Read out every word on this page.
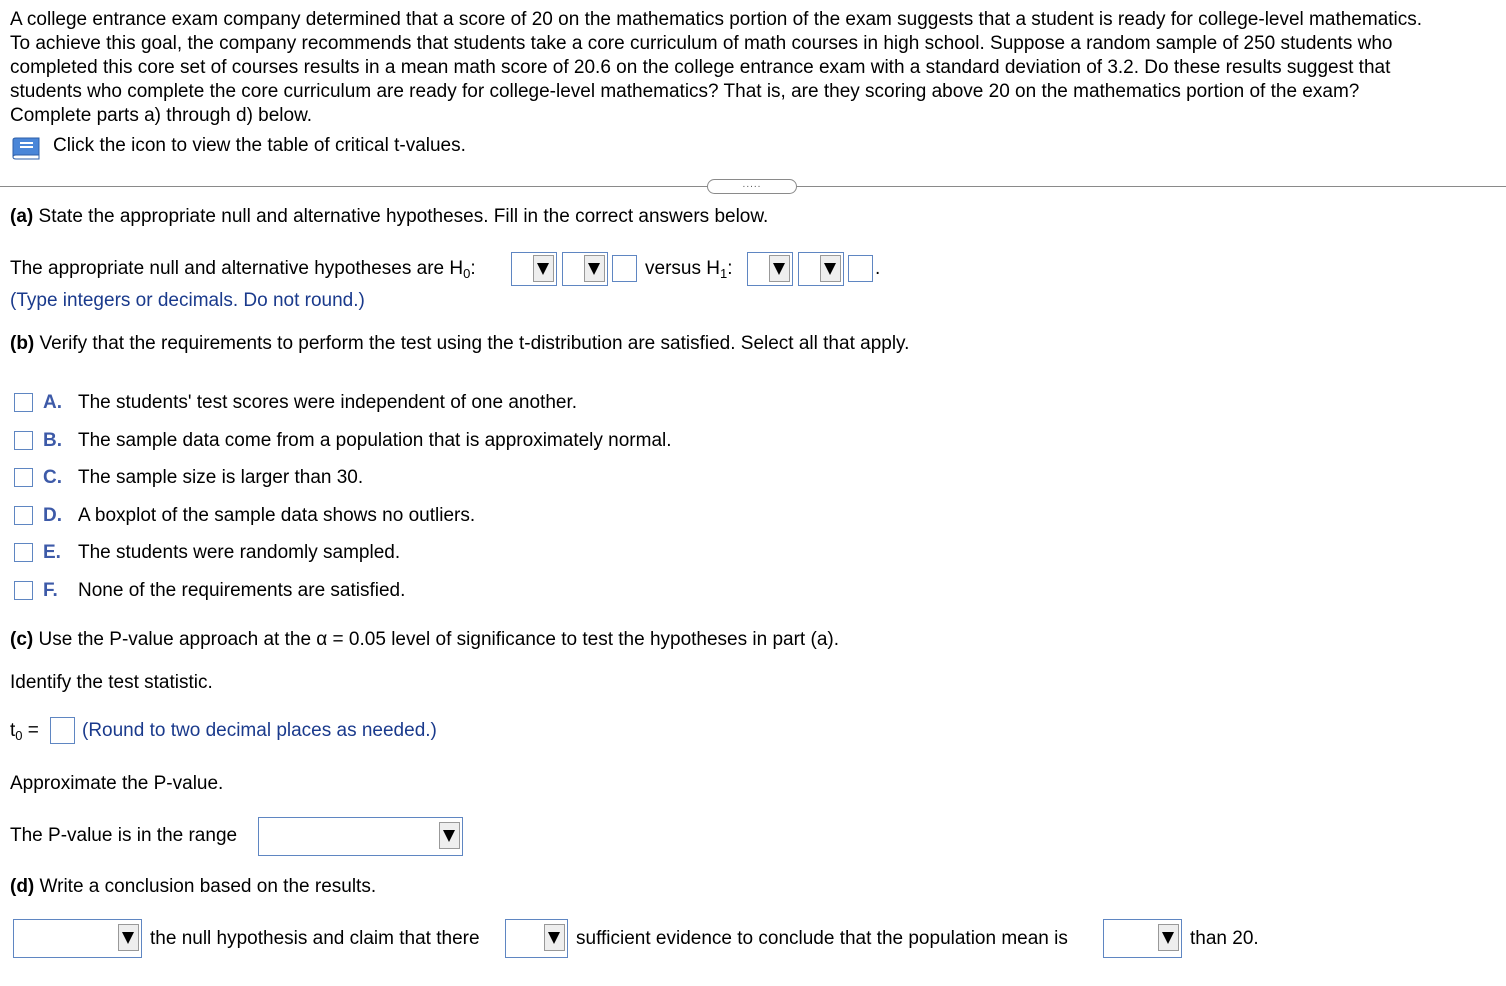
A college entrance exam company determined that a score of 20 on the mathematics portion of the exam suggests that a student is ready for college-level mathematics.

To achieve this goal, the company recommends that students take a core curriculum of math courses in high school. Suppose a random sample of 250 students who

completed this core set of courses results in a mean math score of 20.6 on the college entrance exam with a standard deviation of 3.2. Do these results suggest that

students who complete the core curriculum are ready for college-level mathematics? That is, are they scoring above 20 on the mathematics portion of the exam?

Complete parts a) through d) below.

Click the icon to view the table of critical t-values.
.....
(a) State the appropriate null and alternative hypotheses. Fill in the correct answers below.
The appropriate null and alternative hypotheses are $H_0$:	versus $H_1$:	.
(Type integers or decimals. Do not round.)
(b) Verify that the requirements to perform the test using the t-distribution are satisfied. Select all that apply.
A. The students' test scores were independent of one another.
B. The sample data come from a population that is approximately normal.
C. The sample size is larger than 30.
D. A boxplot of the sample data shows no outliers.
E. The students were randomly sampled.
F. None of the requirements are satisfied.
(c) Use the P-value approach at the α = 0.05 level of significance to test the hypotheses in part (a).
Identify the test statistic.
$t_0$ = (Round to two decimal places as needed.)
Approximate the P-value.
The P-value is in the range
(d) Write a conclusion based on the results.
the null hypothesis and claim that there	sufficient evidence to conclude that the population mean is	than 20.
